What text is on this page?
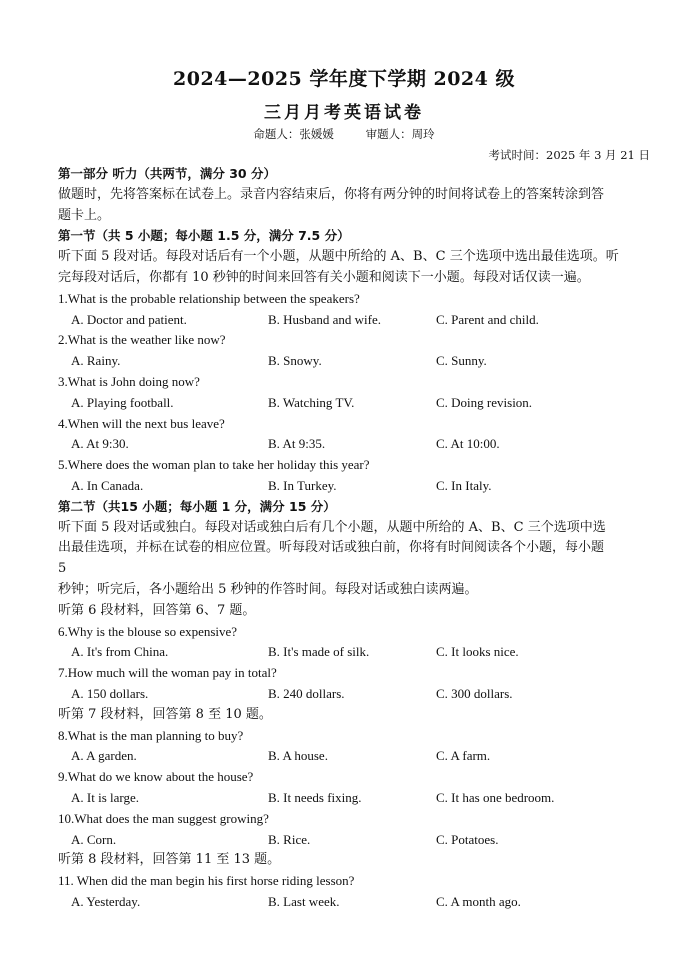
2024—2025 学年度下学期 2024 级
三月月考英语试卷
命题人：张媛媛	审题人：周玲
考试时间：2025 年 3 月 21 日
第一部分 听力（共两节，满分 30 分）
做题时，先将答案标在试卷上。录音内容结束后，你将有两分钟的时间将试卷上的答案转涂到答
题卡上。
第一节（共 5 小题；每小题 1.5 分，满分 7.5 分）
听下面 5 段对话。每段对话后有一个小题，从题中所给的 A、B、C 三个选项中选出最佳选项。听
完每段对话后，你都有 10 秒钟的时间来回答有关小题和阅读下一小题。每段对话仅读一遍。
1.What is the probable relationship between the speakers?
A. Doctor and patient.	B. Husband and wife.	C. Parent and child.
2.What is the weather like now?
A. Rainy.	B. Snowy.	C. Sunny.
3.What is John doing now?
A. Playing football.	B. Watching TV.	C. Doing revision.
4.When will the next bus leave?
A. At 9:30.	B. At 9:35.	C. At 10:00.
5.Where does the woman plan to take her holiday this year?
A. In Canada.	B. In Turkey.	C. In Italy.
第二节（共15 小题；每小题 1 分，满分 15 分）
听下面 5 段对话或独白。每段对话或独白后有几个小题，从题中所给的 A、B、C 三个选项中选
出最佳选项，并标在试卷的相应位置。听每段对话或独白前，你将有时间阅读各个小题，每小题
5
秒钟；听完后，各小题给出 5 秒钟的作答时间。每段对话或独白读两遍。
听第 6 段材料，回答第 6、7 题。
6.Why is the blouse so expensive?
A. It's from China.	B. It's made of silk.	C. It looks nice.
7.How much will the woman pay in total?
A. 150 dollars.	B. 240 dollars.	C. 300 dollars.
听第 7 段材料，回答第 8 至 10 题。
8.What is the man planning to buy?
A. A garden.	B. A house.	C. A farm.
9.What do we know about the house?
A. It is large.	B. It needs fixing.	C. It has one bedroom.
10.What does the man suggest growing?
A. Corn.	B. Rice.	C. Potatoes.
听第 8 段材料，回答第 11 至 13 题。
11. When did the man begin his first horse riding lesson?
A. Yesterday.	B. Last week.	C. A month ago.
